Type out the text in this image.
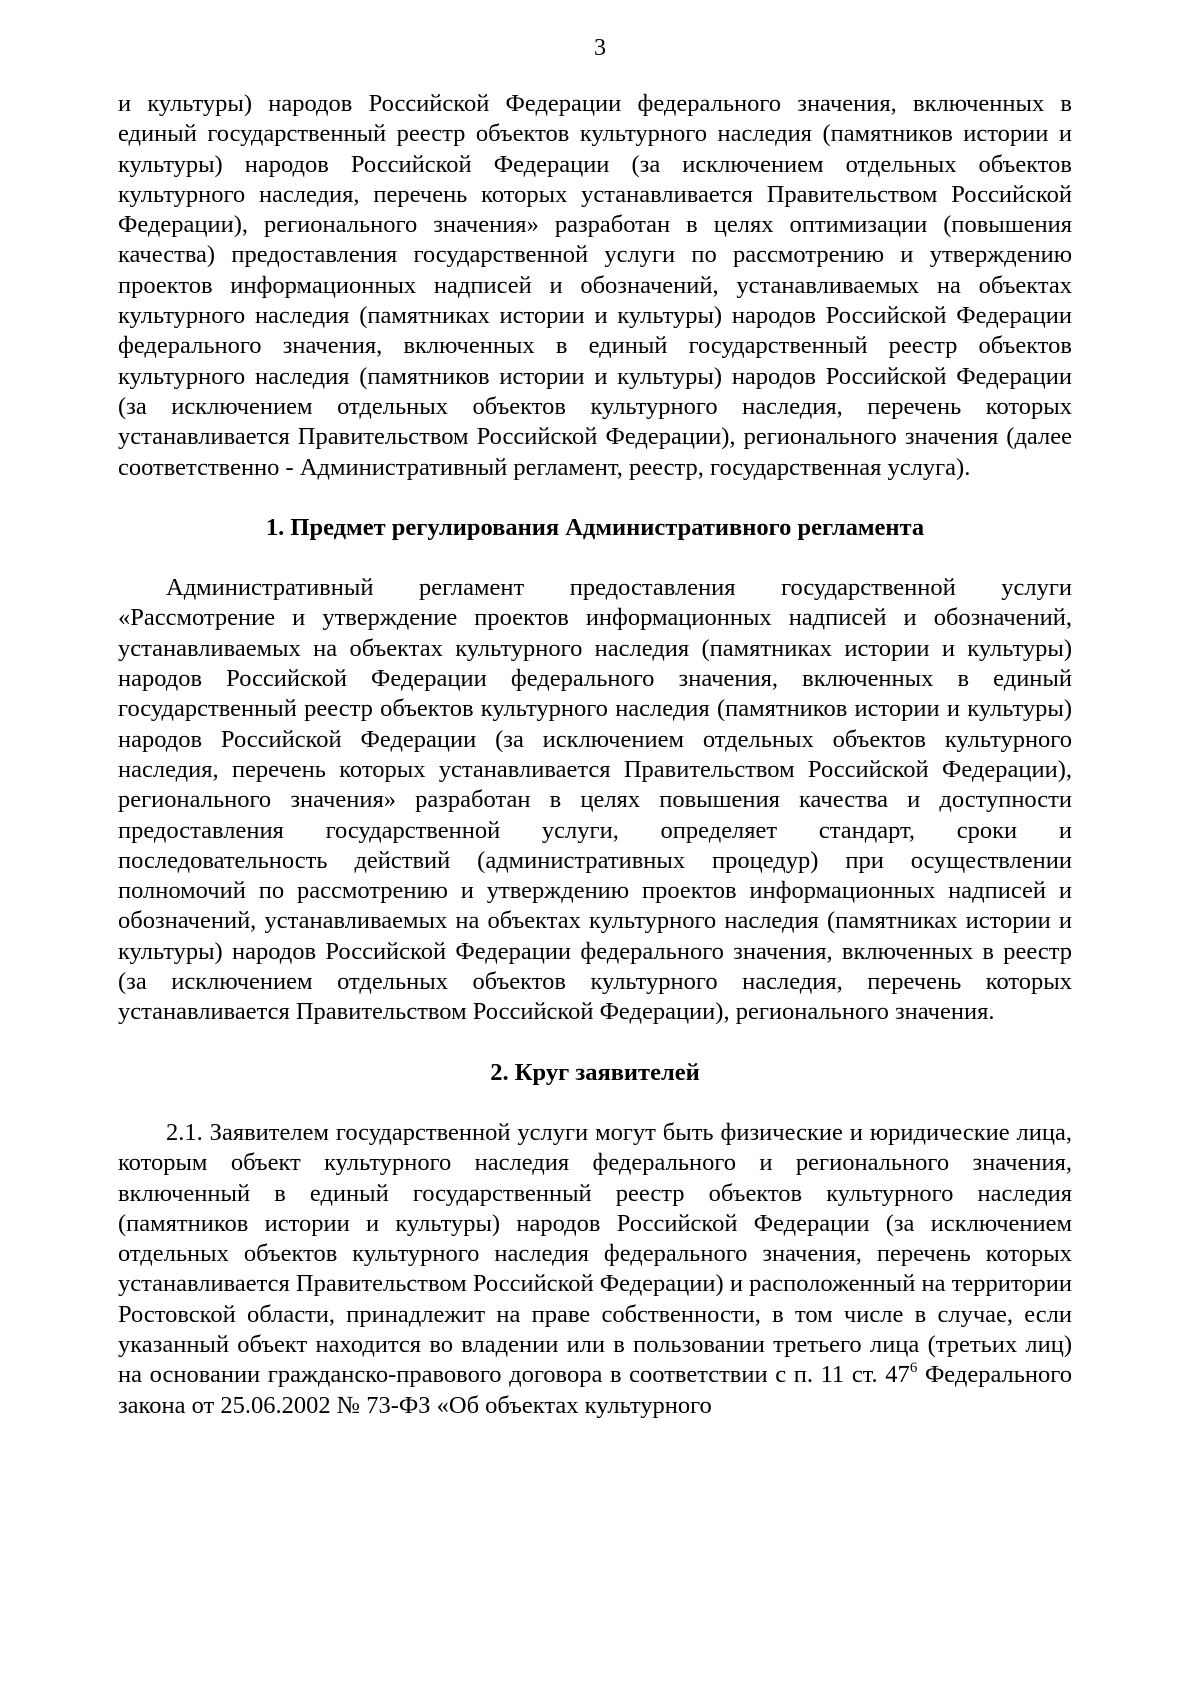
3

и культуры) народов Российской Федерации федерального значения, включенных в единый государственный реестр объектов культурного наследия (памятников истории и культуры) народов Российской Федерации (за исключением отдельных объектов культурного наследия, перечень которых устанавливается Правительством Российской Федерации), регионального значения» разработан в целях оптимизации (повышения качества) предоставления государственной услуги по рассмотрению и утверждению проектов информационных надписей и обозначений, устанавливаемых на объектах культурного наследия (памятниках истории и культуры) народов Российской Федерации федерального значения, включенных в единый государственный реестр объектов культурного наследия (памятников истории и культуры) народов Российской Федерации (за исключением отдельных объектов культурного наследия, перечень которых устанавливается Правительством Российской Федерации), регионального значения (далее соответственно - Административный регламент, реестр, государственная услуга).

1. Предмет регулирования Административного регламента

Административный регламент предоставления государственной услуги «Рассмотрение и утверждение проектов информационных надписей и обозначений, устанавливаемых на объектах культурного наследия (памятниках истории и культуры) народов Российской Федерации федерального значения, включенных в единый государственный реестр объектов культурного наследия (памятников истории и культуры) народов Российской Федерации (за исключением отдельных объектов культурного наследия, перечень которых устанавливается Правительством Российской Федерации), регионального значения» разработан в целях повышения качества и доступности предоставления государственной услуги, определяет стандарт, сроки и последовательность действий (административных процедур) при осуществлении полномочий по рассмотрению и утверждению проектов информационных надписей и обозначений, устанавливаемых на объектах культурного наследия (памятниках истории и культуры) народов Российской Федерации федерального значения, включенных в реестр (за исключением отдельных объектов культурного наследия, перечень которых устанавливается Правительством Российской Федерации), регионального значения.

2. Круг заявителей

2.1. Заявителем государственной услуги могут быть физические и юридические лица, которым объект культурного наследия федерального и регионального значения, включенный в единый государственный реестр объектов культурного наследия (памятников истории и культуры) народов Российской Федерации (за исключением отдельных объектов культурного наследия федерального значения, перечень которых устанавливается Правительством Российской Федерации) и расположенный на территории Ростовской области, принадлежит на праве собственности, в том числе в случае, если указанный объект находится во владении или в пользовании третьего лица (третьих лиц) на основании гражданско-правового договора в соответствии с п. 11 ст. $47^6$ Федерального закона от 25.06.2002 № 73-ФЗ «Об объектах культурного
